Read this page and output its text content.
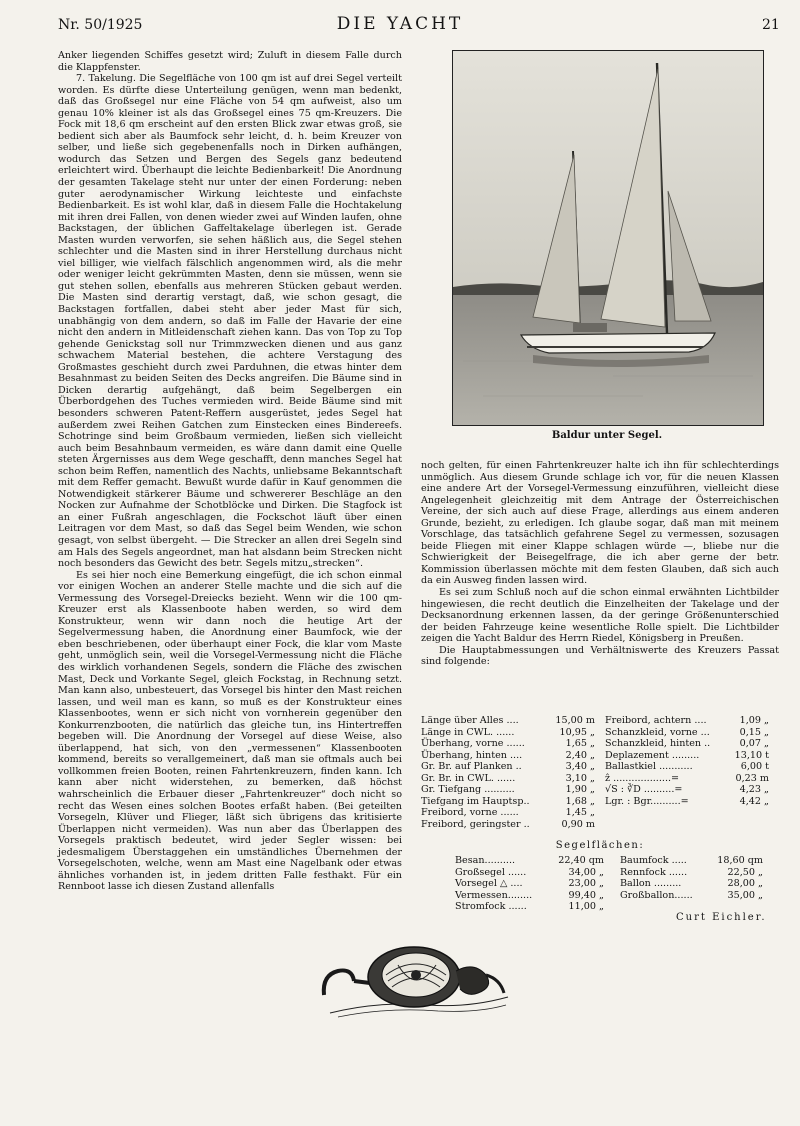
Nr. 50/1925	DIE YACHT	21

Anker liegenden Schiffes gesetzt wird; Zuluft in diesem Falle durch die Klappfenster.

7. Takelung. Die Segelfläche von 100 qm ist auf drei Segel verteilt worden. Es dürfte diese Unterteilung genügen, wenn man bedenkt, daß das Großsegel nur eine Fläche von 54 qm aufweist, also um genau 10% kleiner ist als das Großsegel eines 75 qm-Kreuzers. Die Fock mit 18,6 qm erscheint auf den ersten Blick zwar etwas groß, sie bedient sich aber als Baumfock sehr leicht, d. h. beim Kreuzer von selber, und ließe sich gegebenenfalls noch in Dirken aufhängen, wodurch das Setzen und Bergen des Segels ganz bedeutend erleichtert wird. Überhaupt die leichte Bedienbarkeit! Die Anordnung der gesamten Takelage steht nur unter der einen Forderung: neben guter aerodynamischer Wirkung leichteste und einfachste Bedienbarkeit. Es ist wohl klar, daß in diesem Falle die Hochtakelung mit ihren drei Fallen, von denen wieder zwei auf Winden laufen, ohne Backstagen, der üblichen Gaffeltakelage überlegen ist. Gerade Masten wurden verworfen, sie sehen häßlich aus, die Segel stehen schlechter und die Masten sind in ihrer Herstellung durchaus nicht viel billiger, wie vielfach fälschlich angenommen wird, als die mehr oder weniger leicht gekrümmten Masten, denn sie müssen, wenn sie gut stehen sollen, ebenfalls aus mehreren Stücken gebaut werden. Die Masten sind derartig verstagt, daß, wie schon gesagt, die Backstagen fortfallen, dabei steht aber jeder Mast für sich, unabhängig von dem andern, so daß im Falle der Havarie der eine nicht den andern in Mitleidenschaft ziehen kann. Das von Top zu Top gehende Genickstag soll nur Trimmzwecken dienen und aus ganz schwachem Material bestehen, die achtere Verstagung des Großmastes geschieht durch zwei Parduhnen, die etwas hinter dem Besahnmast zu beiden Seiten des Decks angreifen. Die Bäume sind in Dicken derartig aufgehängt, daß beim Segelbergen ein Überbordgehen des Tuches vermieden wird. Beide Bäume sind mit besonders schweren Patent-Reffern ausgerüstet, jedes Segel hat außerdem zwei Reihen Gatchen zum Einstecken eines Bindereefs. Schotringe sind beim Großbaum vermieden, ließen sich vielleicht auch beim Besahnbaum vermeiden, es wäre dann damit eine Quelle steten Ärgernisses aus dem Wege geschafft, denn manches Segel hat schon beim Reffen, namentlich des Nachts, unliebsame Bekanntschaft mit dem Reffer gemacht. Bewußt wurde dafür in Kauf genommen die Notwendigkeit stärkerer Bäume und schwererer Beschläge an den Nocken zur Aufnahme der Schotblöcke und Dirken. Die Stagfock ist an einer Fußrah angeschlagen, die Fockschot läuft über einen Leitragen vor dem Mast, so daß das Segel beim Wenden, wie schon gesagt, von selbst übergeht. — Die Strecker an allen drei Segeln sind am Hals des Segels angeordnet, man hat alsdann beim Strecken nicht noch besonders das Gewicht des betr. Segels mitzu„strecken“.

Es sei hier noch eine Bemerkung eingefügt, die ich schon einmal vor einigen Wochen an anderer Stelle machte und die sich auf die Vermessung des Vorsegel-Dreiecks bezieht. Wenn wir die 100 qm-Kreuzer erst als Klassenboote haben werden, so wird dem Konstrukteur, wenn wir dann noch die heutige Art der Segelvermessung haben, die Anordnung einer Baumfock, wie der eben beschriebenen, oder überhaupt einer Fock, die klar vom Maste geht, unmöglich sein, weil die Vorsegel-Vermessung nicht die Fläche des wirklich vorhandenen Segels, sondern die Fläche des zwischen Mast, Deck und Vorkante Segel, gleich Fockstag, in Rechnung setzt. Man kann also, unbesteuert, das Vorsegel bis hinter den Mast reichen lassen, und weil man es kann, so muß es der Konstrukteur eines Klassenbootes, wenn er sich nicht von vornherein gegenüber den Konkurrenzbooten, die natürlich das gleiche tun, ins Hintertreffen begeben will. Die Anordnung der Vorsegel auf diese Weise, also überlappend, hat sich, von den „vermessenen“ Klassenbooten kommend, bereits so verallgemeinert, daß man sie oftmals auch bei vollkommen freien Booten, reinen Fahrtenkreuzern, finden kann. Ich kann aber nicht widerstehen, zu bemerken, daß höchst wahrscheinlich die Erbauer dieser „Fahrtenkreuzer“ doch nicht so recht das Wesen eines solchen Bootes erfaßt haben. (Bei geteilten Vorsegeln, Klüver und Flieger, läßt sich übrigens das kritisierte Überlappen nicht vermeiden). Was nun aber das Überlappen des Vorsegels praktisch bedeutet, wird jeder Segler wissen: bei jedesmaligem Überstaggehen ein umständliches Übernehmen der Vorsegelschoten, welche, wenn am Mast eine Nagelbank oder etwas ähnliches vorhanden ist, in jedem dritten Falle festhakt. Für ein Rennboot lasse ich diesen Zustand allenfalls

Baldur unter Segel.

noch gelten, für einen Fahrtenkreuzer halte ich ihn für schlechterdings unmöglich. Aus diesem Grunde schlage ich vor, für die neuen Klassen eine andere Art der Vorsegel-Vermessung einzuführen, vielleicht diese Angelegenheit gleichzeitig mit dem Antrage der Österreichischen Vereine, der sich auch auf diese Frage, allerdings aus einem anderen Grunde, bezieht, zu erledigen. Ich glaube sogar, daß man mit meinem Vorschlage, das tatsächlich gefahrene Segel zu vermessen, sozusagen beide Fliegen mit einer Klappe schlagen würde —, bliebe nur die Schwierigkeit der Beisegelfrage, die ich aber gerne der betr. Kommission überlassen möchte mit dem festen Glauben, daß sich auch da ein Ausweg finden lassen wird.

Es sei zum Schluß noch auf die schon einmal erwähnten Lichtbilder hingewiesen, die recht deutlich die Einzelheiten der Takelage und der Decksanordnung erkennen lassen, da der geringe Größenunterschied der beiden Fahrzeuge keine wesentliche Rolle spielt. Die Lichtbilder zeigen die Yacht Baldur des Herrn Riedel, Königsberg in Preußen.

Die Hauptabmessungen und Verhältniswerte des Kreuzers Passat sind folgende:

Länge über Alles ....	15,00 m
Länge in CWL. ......	10,95 „
Überhang, vorne ......	1,65 „
Überhang, hinten ....	2,40 „
Gr. Br. auf Planken ..	3,40 „
Gr. Br. in CWL. ......	3,10 „
Gr. Tiefgang ..........	1,90 „
Tiefgang im Hauptsp..	1,68 „
Freibord, vorne ......	1,45 „
Freibord, geringster ..	0,90 m
Freibord, achtern ....	1,09 „
Schanzkleid, vorne ...	0,15 „
Schanzkleid, hinten ..	0,07 „
Deplazement .........	13,10 t
Ballastkiel ...........	6,00 t
ẑ ...................=	0,23 m
√S : ∛D ..........=	4,23 „
Lgr. : Bgr..........=	4,42 „
Segelflächen:
Besan..........	22,40 qm
Großsegel ......	34,00 „
Vorsegel △ ....	23,00 „
Vermessen........	99,40 „
Stromfock ......	11,00 „
Baumfock .....	18,60 qm
Rennfock ......	22,50 „
Ballon .........	28,00 „
Großballon......	35,00 „
Curt Eichler.
